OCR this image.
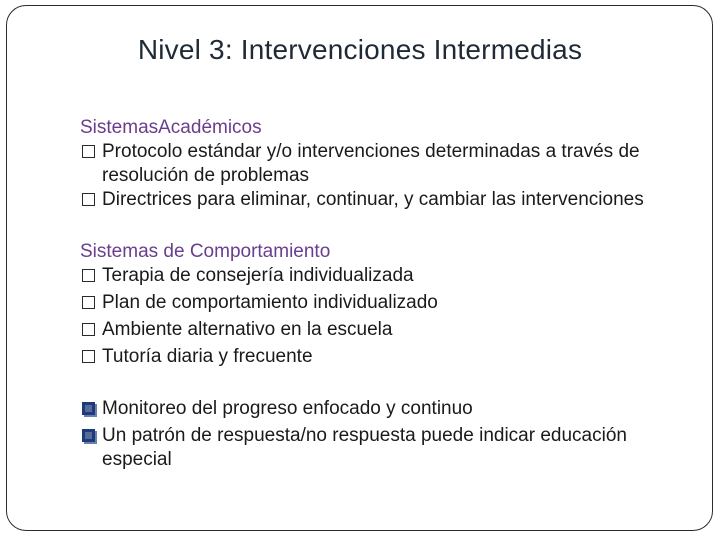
Nivel 3: Intervenciones Intermedias
SistemasAcadémicos
Protocolo estándar y/o intervenciones determinadas a través de resolución de problemas
Directrices para eliminar, continuar, y cambiar las intervenciones
Sistemas de Comportamiento
Terapia de consejería individualizada
Plan de comportamiento individualizado
Ambiente alternativo en la escuela
Tutoría diaria y frecuente
Monitoreo del progreso enfocado y continuo
Un patrón de respuesta/no respuesta puede indicar educación especial
